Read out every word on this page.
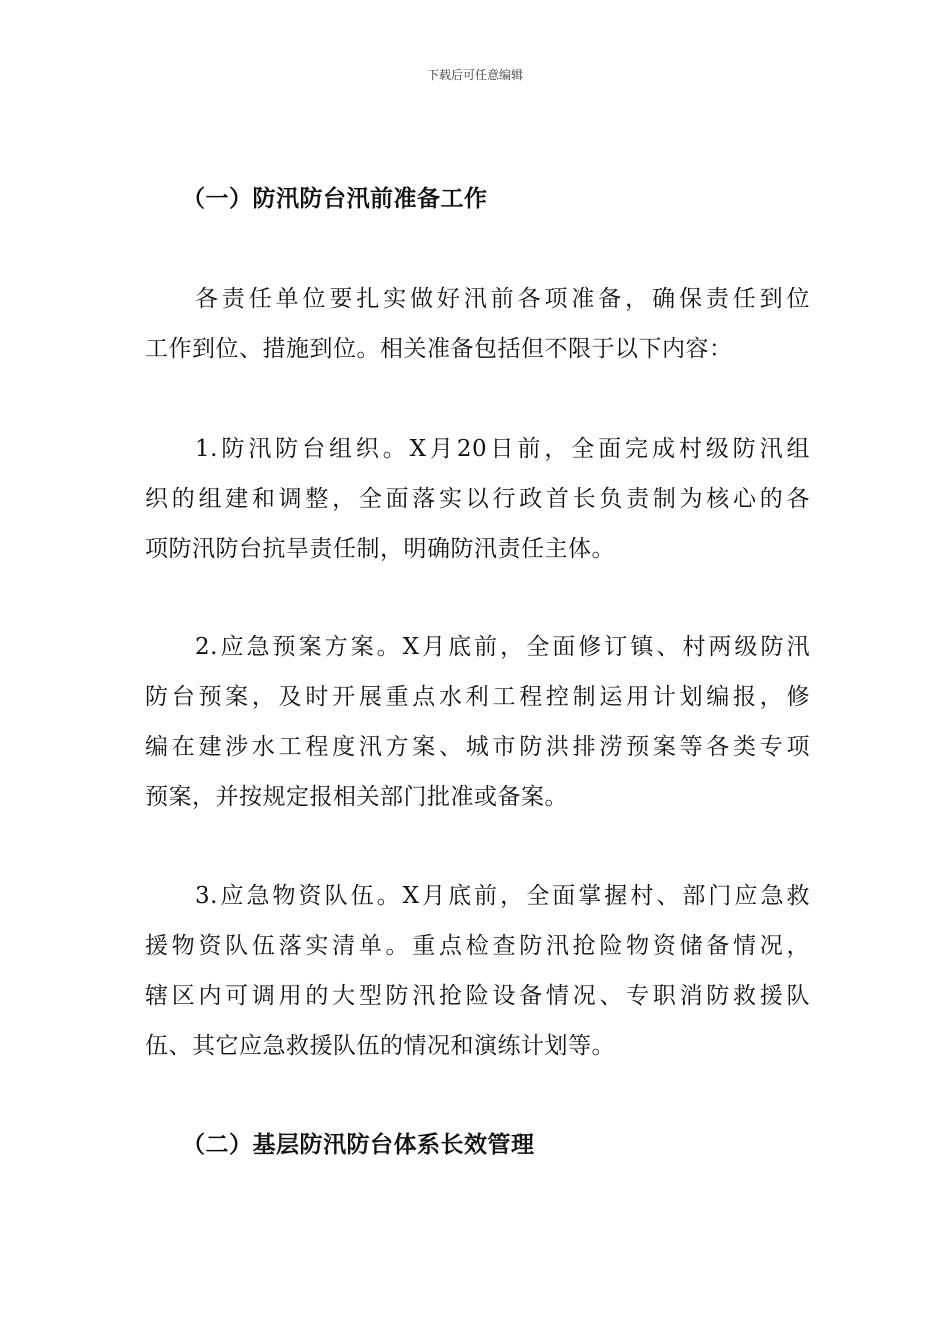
下载后可任意编辑

（一）防汛防台汛前准备工作
各责任单位要扎实做好汛前各项准备，确保责任到位
工作到位、措施到位。相关准备包括但不限于以下内容：
1.防汛防台组织。X月20日前，全面完成村级防汛组
织的组建和调整，全面落实以行政首长负责制为核心的各
项防汛防台抗旱责任制，明确防汛责任主体。
2.应急预案方案。X月底前，全面修订镇、村两级防汛
防台预案，及时开展重点水利工程控制运用计划编报，修
编在建涉水工程度汛方案、城市防洪排涝预案等各类专项
预案，并按规定报相关部门批准或备案。
3.应急物资队伍。X月底前，全面掌握村、部门应急救
援物资队伍落实清单。重点检查防汛抢险物资储备情况，
辖区内可调用的大型防汛抢险设备情况、专职消防救援队
伍、其它应急救援队伍的情况和演练计划等。
（二）基层防汛防台体系长效管理
